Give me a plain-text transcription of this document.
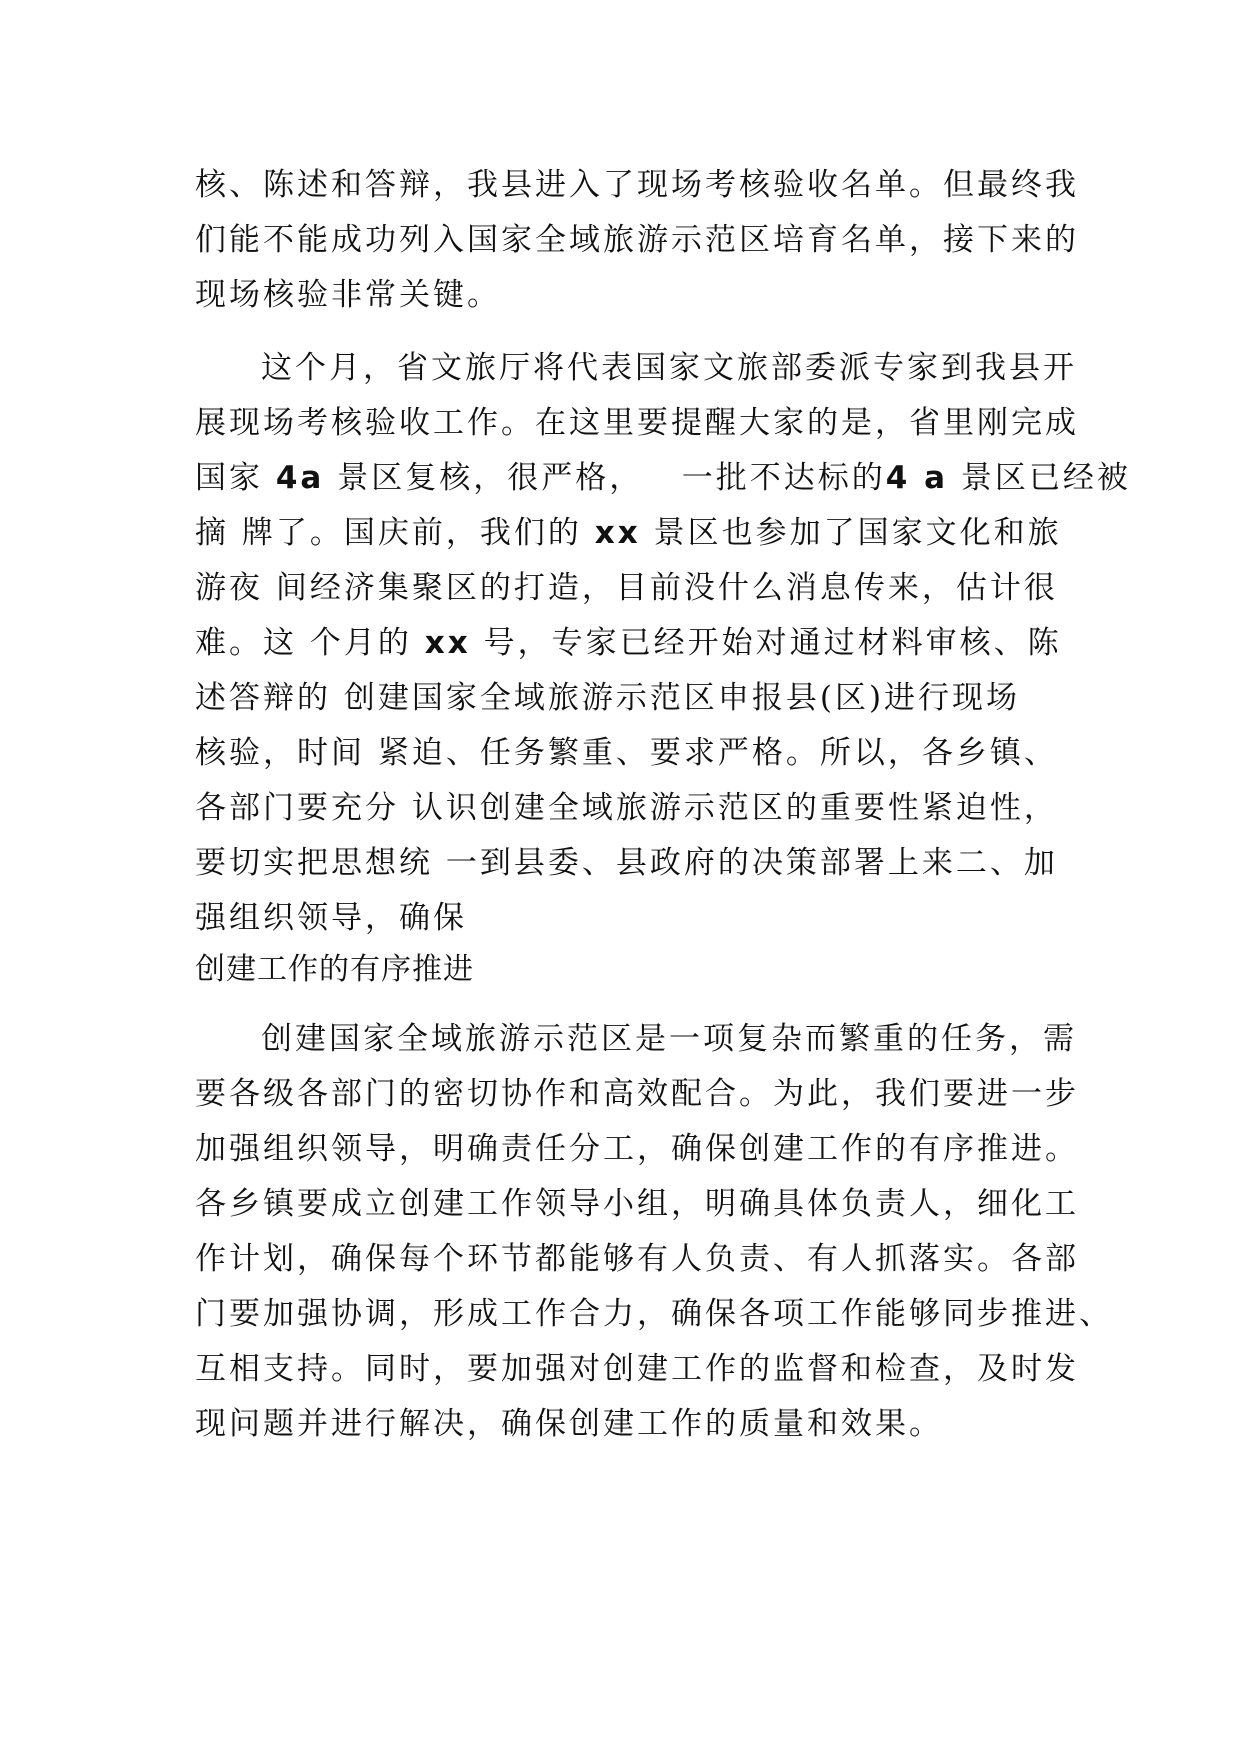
核、陈述和答辩，我县进入了现场考核验收名单。但最终我
们能不能成功列入国家全域旅游示范区培育名单，接下来的
现场核验非常关键。
这个月，省文旅厅将代表国家文旅部委派专家到我县开
展现场考核验收工作。在这里要提醒大家的是，省里刚完成
国家 4a 景区复核，很严格，   一批不达标的4 a 景区已经被
摘 牌了。国庆前，我们的 xx 景区也参加了国家文化和旅
游夜 间经济集聚区的打造，目前没什么消息传来，估计很
难。这 个月的 xx 号，专家已经开始对通过材料审核、陈
述答辩的 创建国家全域旅游示范区申报县(区)进行现场
核验，时间 紧迫、任务繁重、要求严格。所以，各乡镇、
各部门要充分 认识创建全域旅游示范区的重要性紧迫性，
要切实把思想统 一到县委、县政府的决策部署上来二、加
强组织领导，确保

创建工作的有序推进

创建国家全域旅游示范区是一项复杂而繁重的任务，需
要各级各部门的密切协作和高效配合。为此，我们要进一步
加强组织领导，明确责任分工，确保创建工作的有序推进。
各乡镇要成立创建工作领导小组，明确具体负责人，细化工
作计划，确保每个环节都能够有人负责、有人抓落实。各部
门要加强协调，形成工作合力，确保各项工作能够同步推进、
互相支持。同时，要加强对创建工作的监督和检查，及时发
现问题并进行解决，确保创建工作的质量和效果。
